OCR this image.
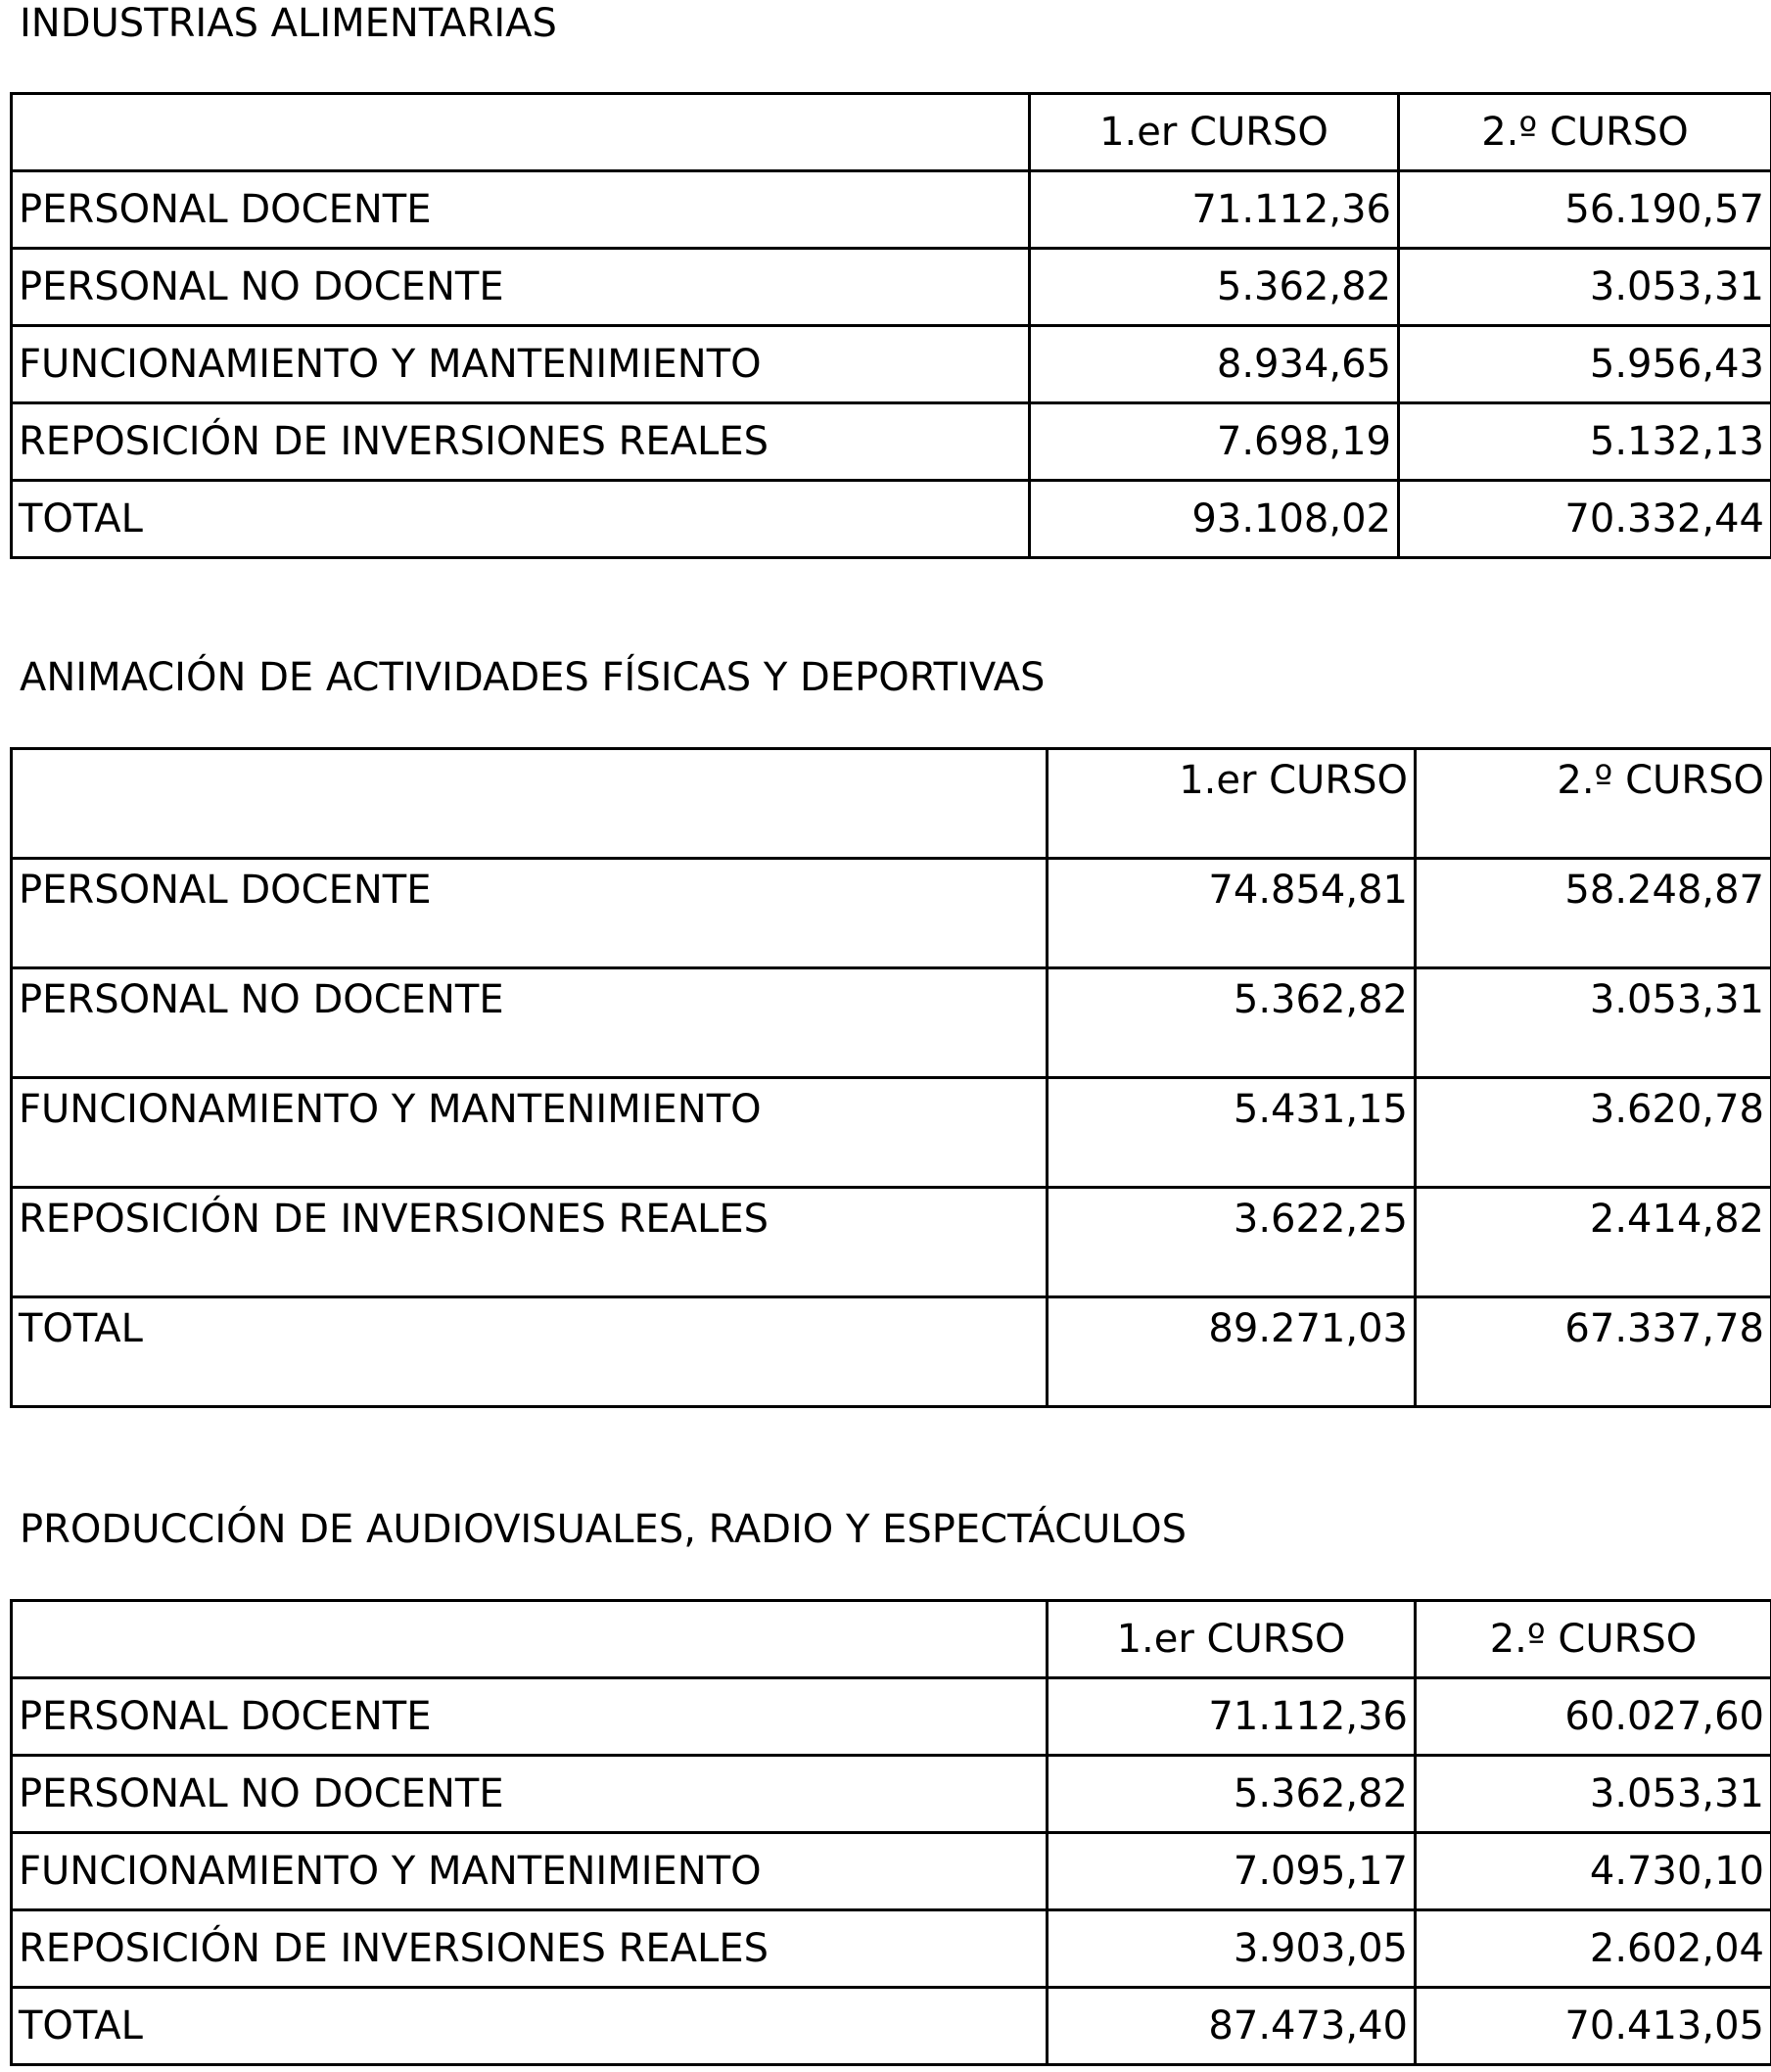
INDUSTRIAS ALIMENTARIAS
	1.er CURSO	2.º CURSO
PERSONAL DOCENTE	71.112,36	56.190,57
PERSONAL NO DOCENTE	5.362,82	3.053,31
FUNCIONAMIENTO Y MANTENIMIENTO	8.934,65	5.956,43
REPOSICIÓN DE INVERSIONES REALES	7.698,19	5.132,13
TOTAL	93.108,02	70.332,44
ANIMACIÓN DE ACTIVIDADES FÍSICAS Y DEPORTIVAS
	1.er CURSO	2.º CURSO
PERSONAL DOCENTE	74.854,81	58.248,87
PERSONAL NO DOCENTE	5.362,82	3.053,31
FUNCIONAMIENTO Y MANTENIMIENTO	5.431,15	3.620,78
REPOSICIÓN DE INVERSIONES REALES	3.622,25	2.414,82
TOTAL	89.271,03	67.337,78
PRODUCCIÓN DE AUDIOVISUALES, RADIO Y ESPECTÁCULOS
	1.er CURSO	2.º CURSO
PERSONAL DOCENTE	71.112,36	60.027,60
PERSONAL NO DOCENTE	5.362,82	3.053,31
FUNCIONAMIENTO Y MANTENIMIENTO	7.095,17	4.730,10
REPOSICIÓN DE INVERSIONES REALES	3.903,05	2.602,04
TOTAL	87.473,40	70.413,05
